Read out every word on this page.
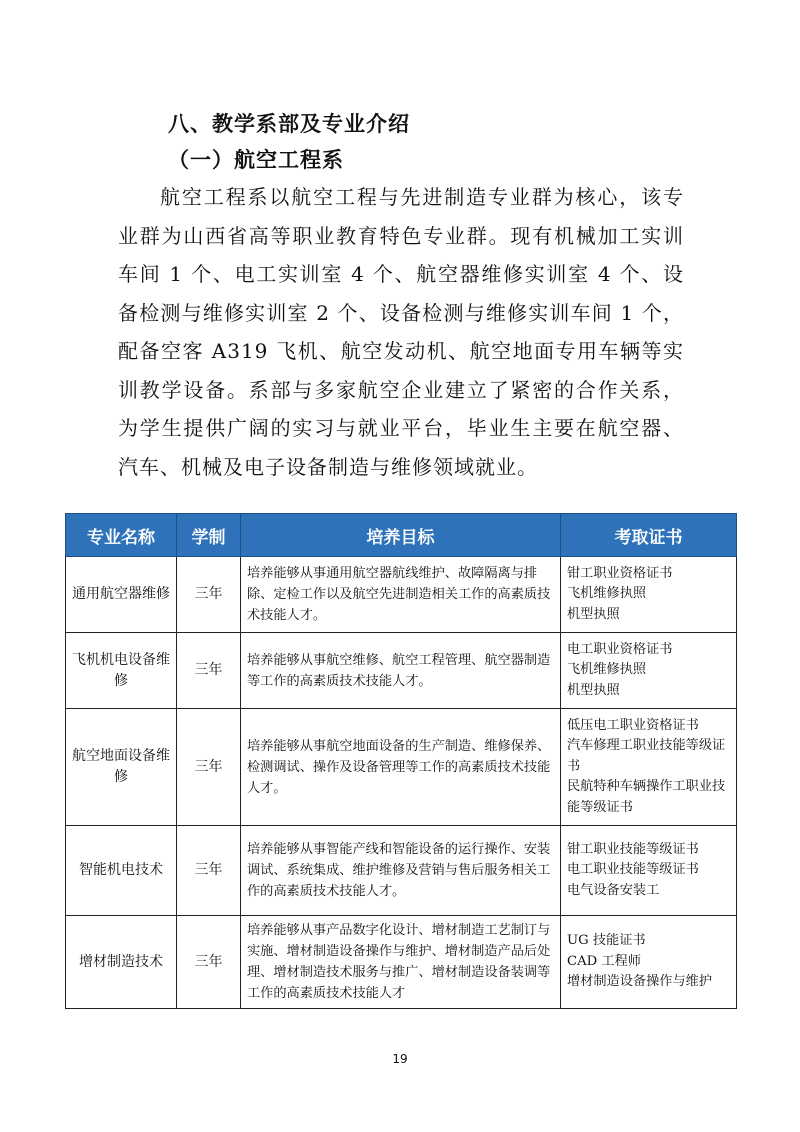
八、教学系部及专业介绍
（一）航空工程系

航空工程系以航空工程与先进制造专业群为核心，该专业群为山西省高等职业教育特色专业群。现有机械加工实训车间 1 个、电工实训室 4 个、航空器维修实训室 4 个、设备检测与维修实训室 2 个、设备检测与维修实训车间 1 个，配备空客 A319 飞机、航空发动机、航空地面专用车辆等实训教学设备。系部与多家航空企业建立了紧密的合作关系，为学生提供广阔的实习与就业平台，毕业生主要在航空器、汽车、机械及电子设备制造与维修领域就业。

专业名称	学制	培养目标	考取证书
通用航空器维修	三年	培养能够从事通用航空器航线维护、故障隔离与排除、定检工作以及航空先进制造相关工作的高素质技术技能人才。	钳工职业资格证书
飞机维修执照
机型执照

飞机机电设备维修	三年	培养能够从事航空维修、航空工程管理、航空器制造等工作的高素质技术技能人才。	电工职业资格证书
飞机维修执照
机型执照

航空地面设备维修	三年	培养能够从事航空地面设备的生产制造、维修保养、检测调试、操作及设备管理等工作的高素质技术技能人才。	低压电工职业资格证书
汽车修理工职业技能等级证书
民航特种车辆操作工职业技能等级证书

智能机电技术	三年	培养能够从事智能产线和智能设备的运行操作、安装调试、系统集成、维护维修及营销与售后服务相关工作的高素质技术技能人才。	钳工职业技能等级证书
电工职业技能等级证书
电气设备安装工

增材制造技术	三年	培养能够从事产品数字化设计、增材制造工艺制订与实施、增材制造设备操作与维护、增材制造产品后处理、增材制造技术服务与推广、增材制造设备装调等工作的高素质技术技能人才	UG 技能证书
CAD 工程师
增材制造设备操作与维护
19
